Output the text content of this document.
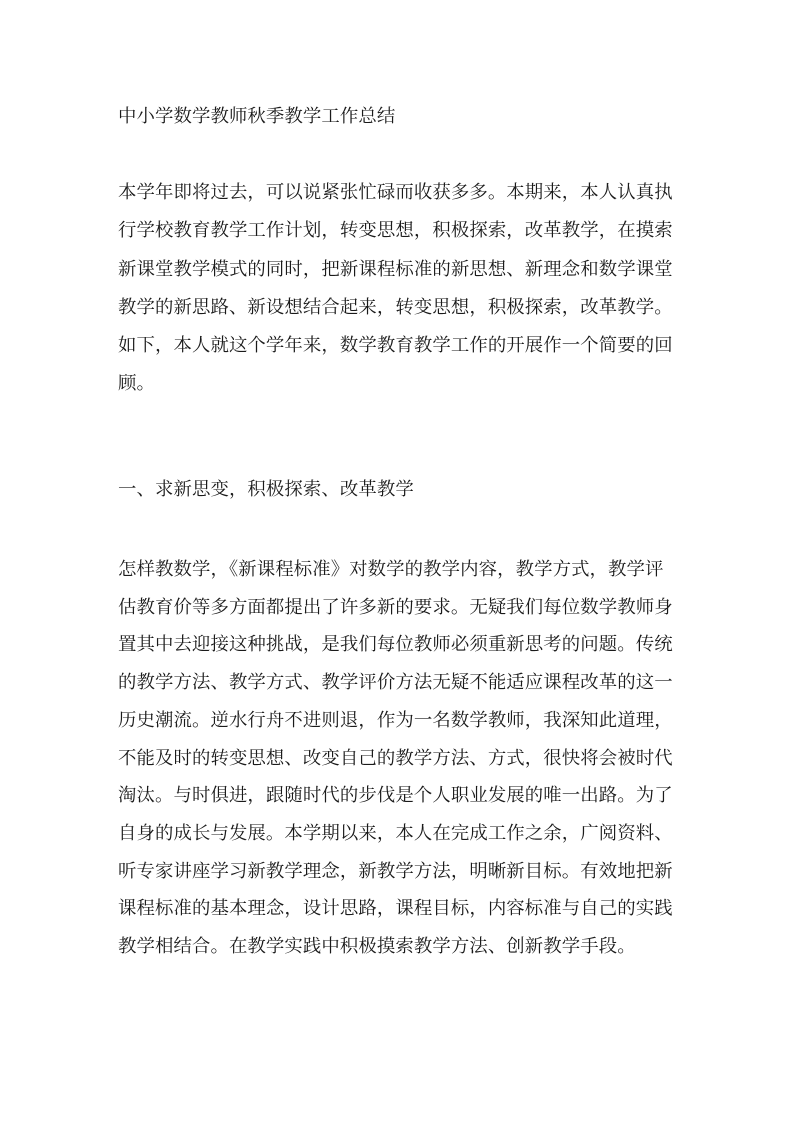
中小学数学教师秋季教学工作总结
本学年即将过去，可以说紧张忙碌而收获多多。本期来，本人认真执
行学校教育教学工作计划，转变思想，积极探索，改革教学，在摸索
新课堂教学模式的同时，把新课程标准的新思想、新理念和数学课堂
教学的新思路、新设想结合起来，转变思想，积极探索，改革教学。
如下，本人就这个学年来，数学教育教学工作的开展作一个简要的回
顾。
一、求新思变，积极探索、改革教学
怎样教数学，《新课程标准》对数学的教学内容，教学方式，教学评
估教育价等多方面都提出了许多新的要求。无疑我们每位数学教师身
置其中去迎接这种挑战，是我们每位教师必须重新思考的问题。传统
的教学方法、教学方式、教学评价方法无疑不能适应课程改革的这一
历史潮流。逆水行舟不进则退，作为一名数学教师，我深知此道理，
不能及时的转变思想、改变自己的教学方法、方式，很快将会被时代
淘汰。与时俱进，跟随时代的步伐是个人职业发展的唯一出路。为了
自身的成长与发展。本学期以来，本人在完成工作之余，广阅资料、
听专家讲座学习新教学理念，新教学方法，明晰新目标。有效地把新
课程标准的基本理念，设计思路，课程目标，内容标准与自己的实践
教学相结合。在教学实践中积极摸索教学方法、创新教学手段。
